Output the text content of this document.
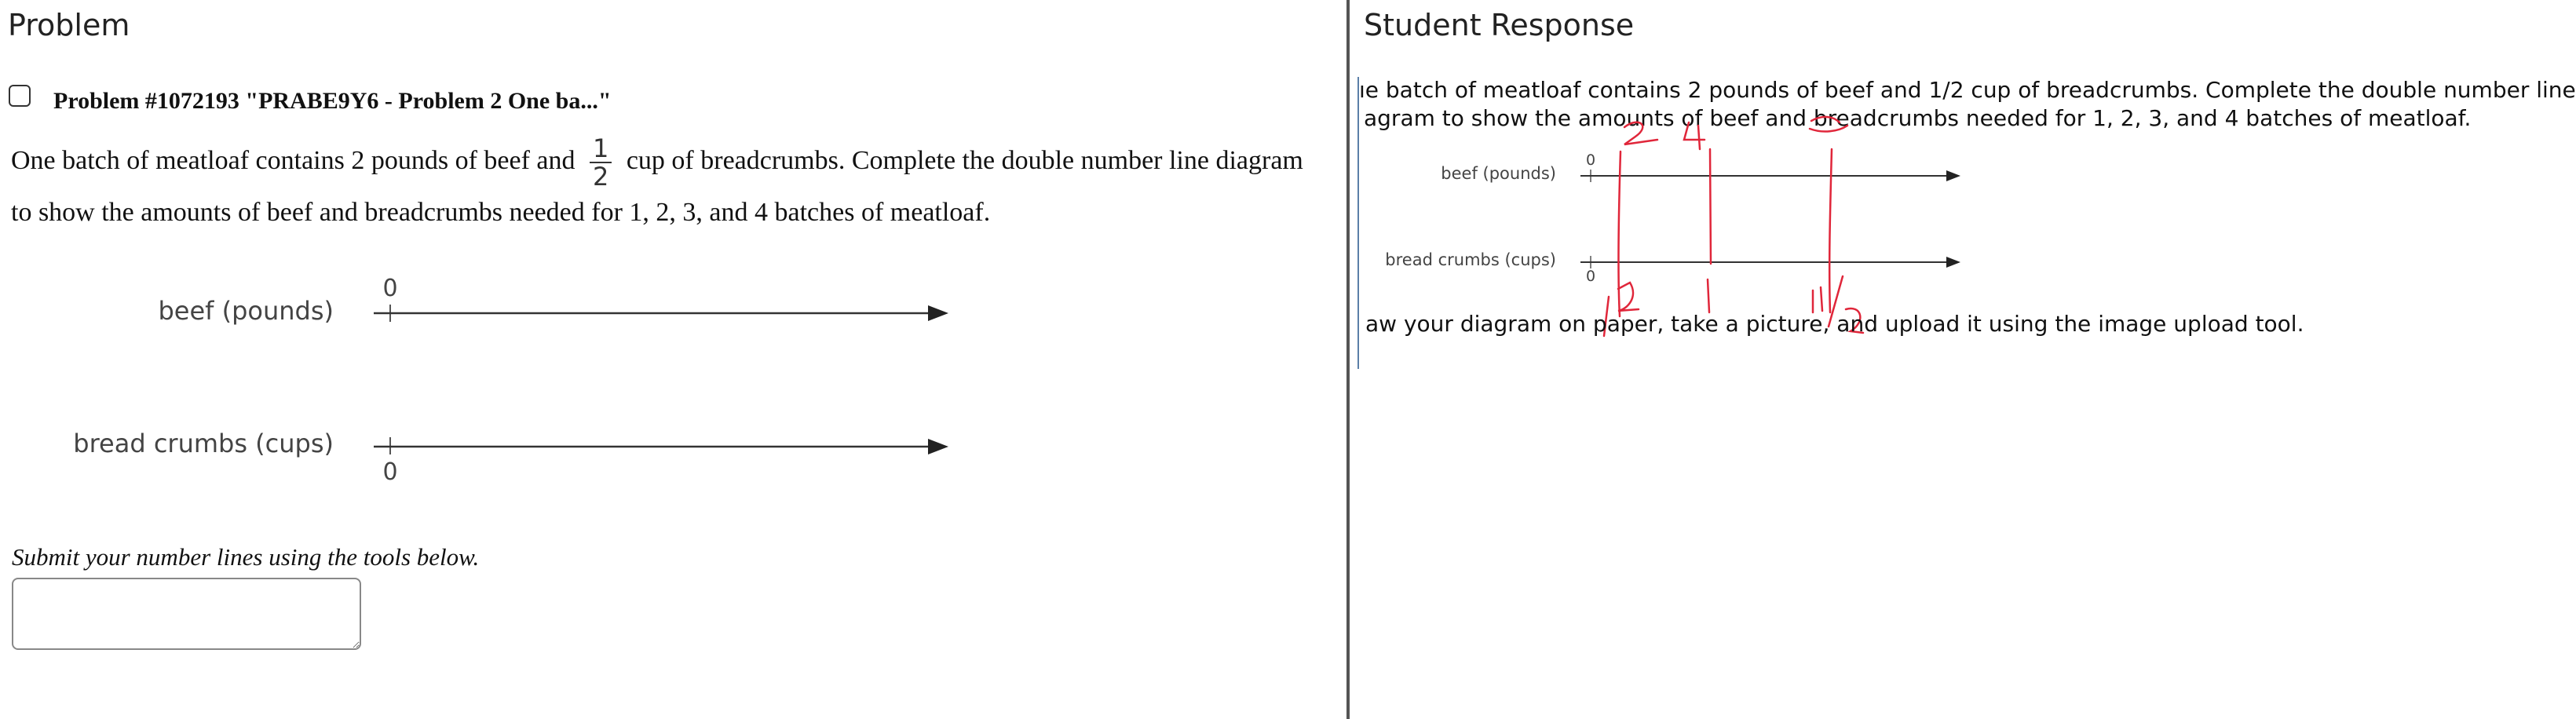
Problem
Problem #1072193 "PRABE9Y6 - Problem 2 One ba..."
One batch of meatloaf contains 2 pounds of beef and $\frac{1}{2}$ cup of breadcrumbs. Complete the double number line diagram to show the amounts of beef and breadcrumbs needed for 1, 2, 3, and 4 batches of meatloaf.
beef (pounds)
0
bread crumbs (cups)
0
Submit your number lines using the tools below.
Student Response
ıe batch of meatloaf contains 2 pounds of beef and 1/2 cup of breadcrumbs. Complete the double number line
agram to show the amounts of beef and breadcrumbs needed for 1, 2, 3, and 4 batches of meatloaf.
beef (pounds)
0
bread crumbs (cups)
0
aw your diagram on paper, take a picture, and upload it using the image upload tool.
